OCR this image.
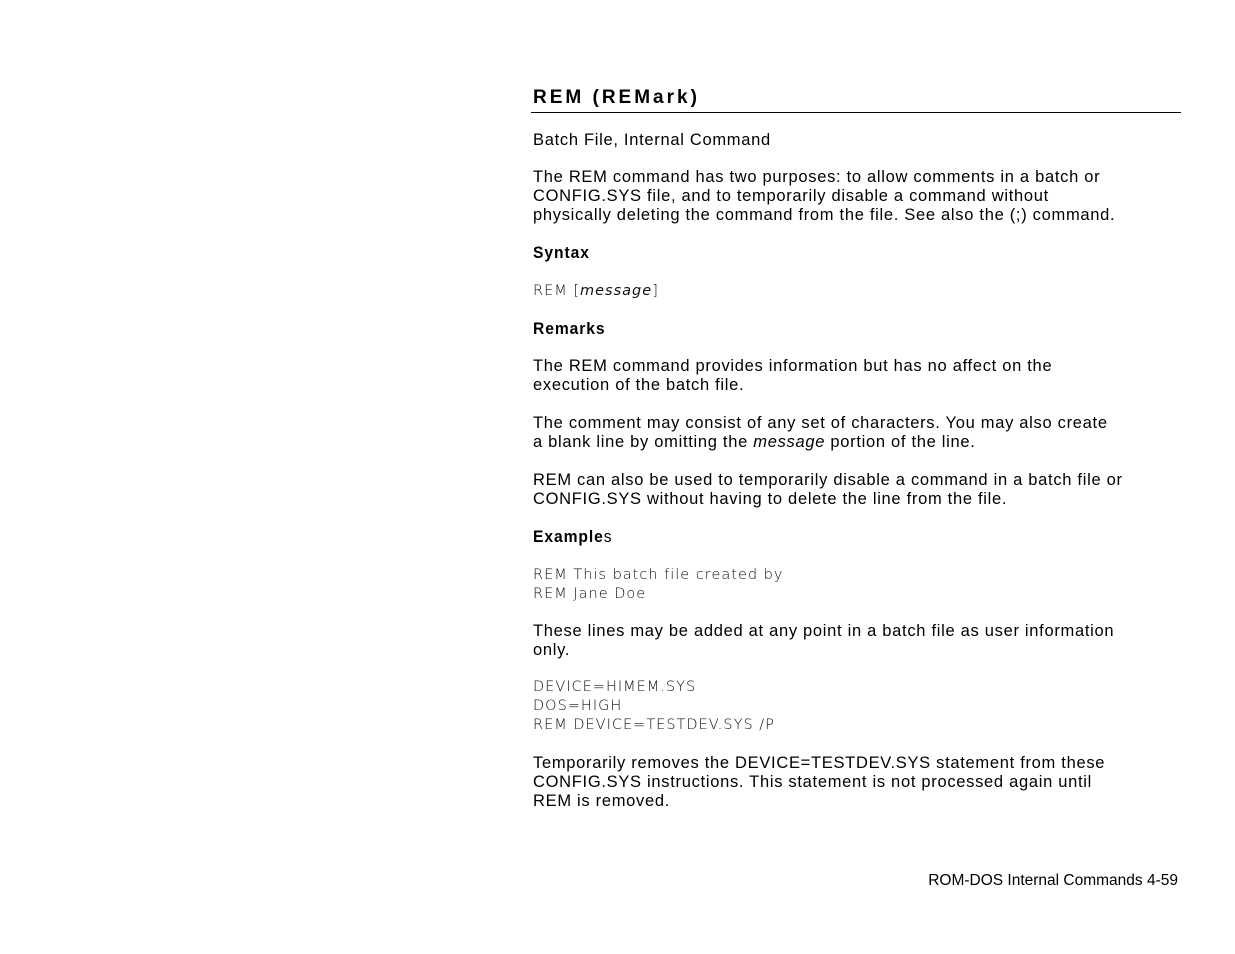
REM (REMark)

Batch File, Internal Command

The REM command has two purposes: to allow comments in a batch or
CONFIG.SYS file, and to temporarily disable a command without
physically deleting the command from the file. See also the (;) command.

Syntax

REM [message]

Remarks

The REM command provides information but has no affect on the
execution of the batch file.

The comment may consist of any set of characters. You may also create
a blank line by omitting the message portion of the line.

REM can also be used to temporarily disable a command in a batch file or
CONFIG.SYS without having to delete the line from the file.

Examples

REM This batch file created by
REM Jane Doe

These lines may be added at any point in a batch file as user information
only.

DEVICE=HIMEM.SYS
DOS=HIGH
REM DEVICE=TESTDEV.SYS /P

Temporarily removes the DEVICE=TESTDEV.SYS statement from these
CONFIG.SYS instructions. This statement is not processed again until
REM is removed.

ROM-DOS Internal Commands 4-59
